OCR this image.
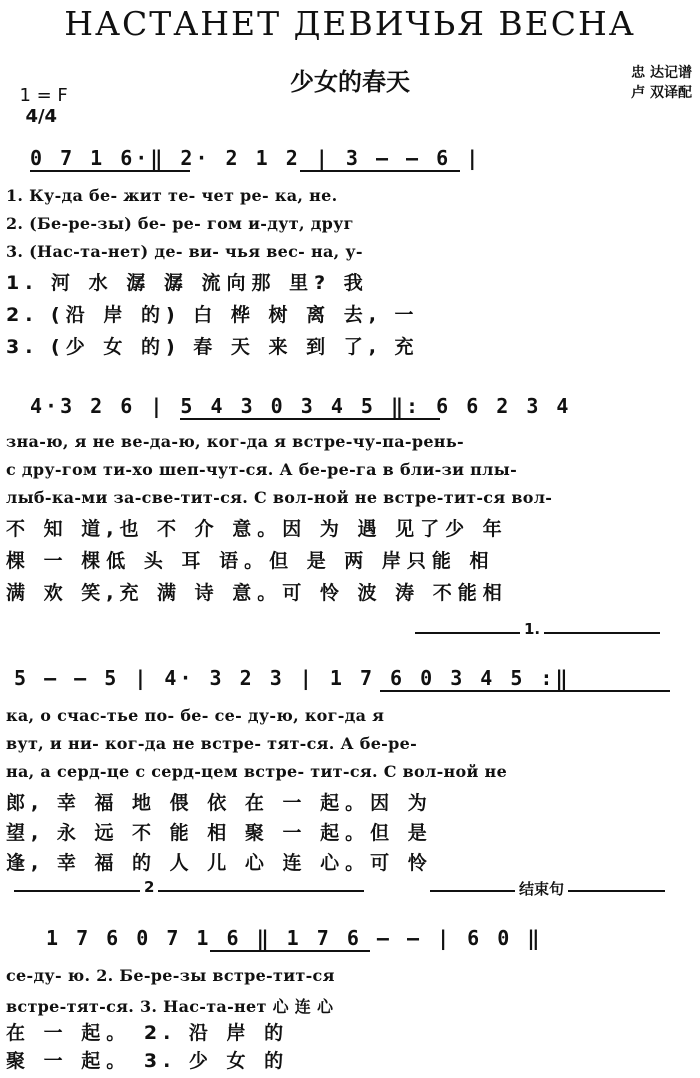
НАСТАНЕТ ДЕВИЧЬЯ ВЕСНА

1 = F
4/4

少女的春天	忠 达记谱
卢 双译配
0 7 1 6·‖ 2· 2 1 2 | 3 — — 6 |
1. Ку-да бе- жит те- чет ре- ка, не.
2. (Бе-ре-зы) бе- ре- гом и-дут, друг
3. (Нас-та-нет) де- ви- чья вес- на, у-
1. 河 水 潺 潺 流向那 里? 我
2. (沿 岸 的) 白 桦 树 离 去, 一
3. (少 女 的) 春 天 来 到 了, 充
4·3 2 6 | 5 4 3 0 3 4 5 ‖: 6 6 2 3 4
зна-ю, я не ве-да-ю, ког-да я встре-чу-па-рень-
с дру-гом ти-хо шеп-чут-ся. А бе-ре-га в бли-зи плы-
лыб-ка-ми за-све-тит-ся. С вол-ной не встре-тит-ся вол-
不 知 道,也 不 介 意。因 为 遇 见了少 年
棵 一 棵低 头 耳 语。但 是 两 岸只能 相
满 欢 笑,充 满 诗 意。可 怜 波 涛 不能相
1.
5 — — 5 | 4· 3 2 3 | 1 7 6 0 3 4 5 :‖
ка, о счас-тье по- бе- се- ду-ю, ког-да я
вут, и ни- ког-да не встре- тят-ся. А бе-ре-
на, а серд-це с серд-цем встре- тит-ся. С вол-ной не
郎, 幸 福 地 偎 依 在 一 起。因 为
望, 永 远 不 能 相 聚 一 起。但 是
逢, 幸 福 的 人 儿 心 连 心。可 怜
2	结束句
1 7 6 0 7 1 6 ‖ 1 7 6 — — | 6 0 ‖
се-ду- ю. 2. Бе-ре-зы встре-тит-ся
встре-тят-ся. 3. Нас-та-нет 心 连 心
在 一 起。 2. 沿 岸 的
聚 一 起。 3. 少 女 的
